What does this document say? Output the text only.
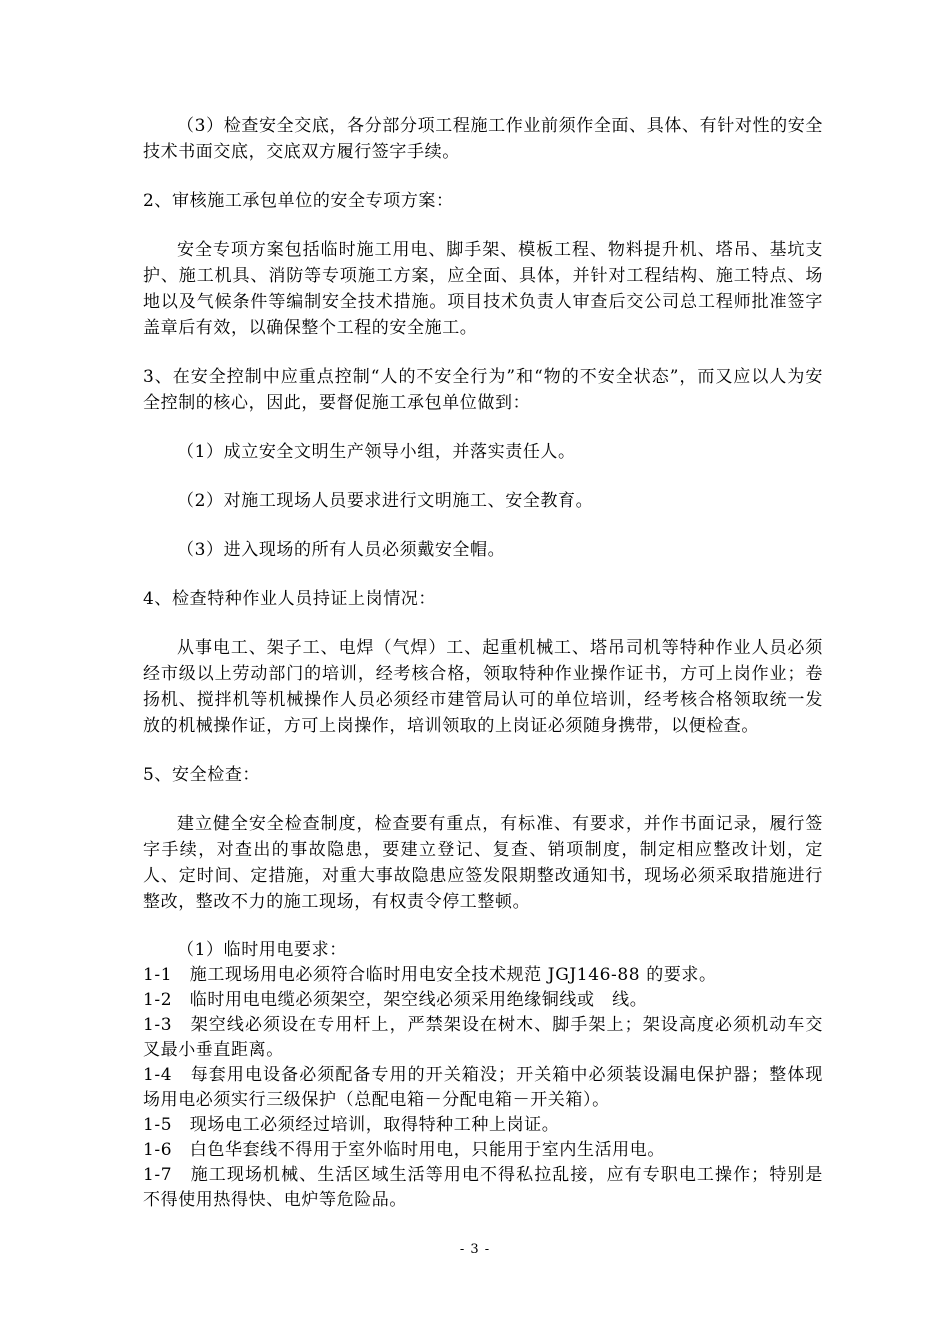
（3）检查安全交底，各分部分项工程施工作业前须作全面、具体、有针对性的安全技术书面交底，交底双方履行签字手续。

2、审核施工承包单位的安全专项方案：

安全专项方案包括临时施工用电、脚手架、模板工程、物料提升机、塔吊、基坑支护、施工机具、消防等专项施工方案，应全面、具体，并针对工程结构、施工特点、场地以及气候条件等编制安全技术措施。项目技术负责人审查后交公司总工程师批准签字盖章后有效，以确保整个工程的安全施工。

3、在安全控制中应重点控制“人的不安全行为”和“物的不安全状态”，而又应以人为安全控制的核心，因此，要督促施工承包单位做到：

（1）成立安全文明生产领导小组，并落实责任人。

（2）对施工现场人员要求进行文明施工、安全教育。

（3）进入现场的所有人员必须戴安全帽。

4、检查特种作业人员持证上岗情况：

从事电工、架子工、电焊（气焊）工、起重机械工、塔吊司机等特种作业人员必须经市级以上劳动部门的培训，经考核合格，领取特种作业操作证书，方可上岗作业；卷扬机、搅拌机等机械操作人员必须经市建管局认可的单位培训，经考核合格领取统一发放的机械操作证，方可上岗操作，培训领取的上岗证必须随身携带，以便检查。

5、安全检查：

建立健全安全检查制度，检查要有重点，有标准、有要求，并作书面记录，履行签字手续，对查出的事故隐患，要建立登记、复查、销项制度，制定相应整改计划，定人、定时间、定措施，对重大事故隐患应签发限期整改通知书，现场必须采取措施进行整改，整改不力的施工现场，有权责令停工整顿。

（1）临时用电要求：

1-1　施工现场用电必须符合临时用电安全技术规范 JGJ146-88 的要求。

1-2　临时用电电缆必须架空，架空线必须采用绝缘铜线或　线。

1-3　架空线必须设在专用杆上，严禁架设在树木、脚手架上；架设高度必须机动车交叉最小垂直距离。

1-4　每套用电设备必须配备专用的开关箱没；开关箱中必须装设漏电保护器；整体现场用电必须实行三级保护（总配电箱－分配电箱－开关箱）。

1-5　现场电工必须经过培训，取得特种工种上岗证。

1-6　白色华套线不得用于室外临时用电，只能用于室内生活用电。

1-7　施工现场机械、生活区域生活等用电不得私拉乱接，应有专职电工操作；特别是不得使用热得快、电炉等危险品。

- 3 -
